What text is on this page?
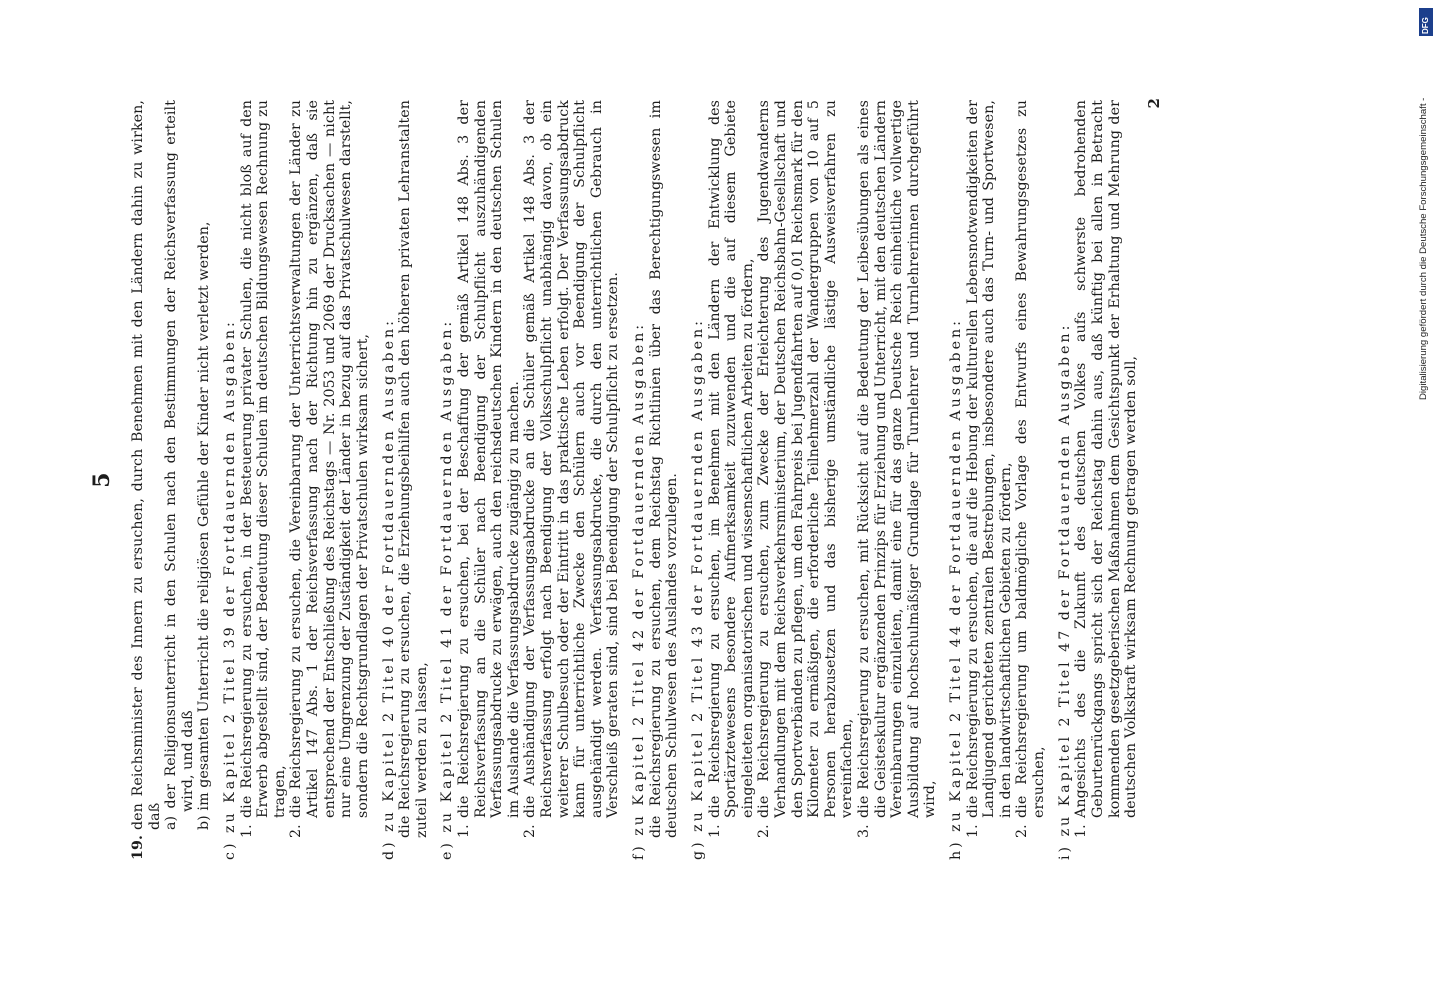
5
19.
den Reichsminister des Innern zu ersuchen, durch Benehmen mit den Ländern dahin zu wirken, daß a) der Religionsunterricht in den Schulen nach den Bestimmungen der Reichsverfassung erteilt wird, und daß b) im gesamten Unterricht die religiösen Gefühle der Kinder nicht verletzt werden, c) zu Kapitel 2 Titel 39 der Fortdauernden Ausgaben: 1.
die Reichsregierung zu ersuchen, in der Besteuerung privater Schulen, die nicht bloß auf den Erwerb abgestellt sind, der Bedeutung dieser Schulen im deutschen Bildungswesen Rechnung zu tragen,
2.
die Reichsregierung zu ersuchen, die Vereinbarung der Unterrichtsverwaltungen der Länder zu Artikel 147 Abs. 1 der Reichsverfassung nach der Richtung hin zu ergänzen, daß sie entsprechend der Entschließung des Reichstags — Nr. 2053 und 2069 der Drucksachen — nicht nur eine Umgrenzung der Zuständigkeit der Länder in bezug auf das Privatschulwesen darstellt, sondern die Rechtsgrundlagen der Privatschulen wirksam sichert, d) zu Kapitel 2 Titel 40 der Fortdauernden Ausgaben: die Reichsregierung zu ersuchen, die Erziehungsbeihilfen auch den höheren privaten Lehranstalten zuteil werden zu lassen, e) zu Kapitel 2 Titel 41 der Fortdauernden Ausgaben: 1.
die Reichsregierung zu ersuchen, bei der Beschaffung der gemäß Artikel 148 Abs. 3 der Reichsverfassung an die Schüler nach Beendigung der Schulpflicht auszuhändigenden Verfassungsabdrucke zu erwägen, auch den reichsdeutschen Kindern in den deutschen Schulen im Auslande die Verfassungsabdrucke zugängig zu machen.
2.
die Aushändigung der Verfassungsabdrucke an die Schüler gemäß Artikel 148 Abs. 3 der Reichsverfassung erfolgt nach Beendigung der Volksschulpflicht unabhängig davon, ob ein weiterer Schulbesuch oder der Eintritt in das praktische Leben erfolgt. Der Verfassungsabdruck kann für unterrichtliche Zwecke den Schülern auch vor Beendigung der Schulpflicht ausgehändigt werden. Verfassungsabdrucke, die durch den unterrichtlichen Gebrauch in Verschleiß geraten sind, sind bei Beendigung der Schulpflicht zu ersetzen. f) zu Kapitel 2 Titel 42 der Fortdauernden Ausgaben: die Reichsregierung zu ersuchen, dem Reichstag Richtlinien über das Berechtigungswesen im deutschen Schulwesen des Auslandes vorzulegen. g) zu Kapitel 2 Titel 43 der Fortdauernden Ausgaben: 1.
die Reichsregierung zu ersuchen, im Benehmen mit den Ländern der Entwicklung des Sportärztewesens besondere Aufmerksamkeit zuzuwenden und die auf diesem Gebiete eingeleiteten organisatorischen und wissenschaftlichen Arbeiten zu fördern,
2.
die Reichsregierung zu ersuchen, zum Zwecke der Erleichterung des Jugendwanderns Verhandlungen mit dem Reichsverkehrsministerium, der Deutschen Reichsbahn-Gesellschaft und den Sportverbänden zu pflegen, um den Fahrpreis bei Jugendfahrten auf 0,01 Reichsmark für den Kilometer zu ermäßigen, die erforderliche Teilnehmerzahl der Wandergruppen von 10 auf 5 Personen herabzusetzen und das bisherige umständliche lästige Ausweisverfahren zu vereinfachen,
3.
die Reichsregierung zu ersuchen, mit Rücksicht auf die Bedeutung der Leibesübungen als eines die Geisteskultur ergänzenden Prinzips für Erziehung und Unterricht, mit den deutschen Ländern Vereinbarungen einzuleiten, damit eine für das ganze Deutsche Reich einheitliche vollwertige Ausbildung auf hochschulmäßiger Grundlage für Turnlehrer und Turnlehrerinnen durchgeführt wird, h) zu Kapitel 2 Titel 44 der Fortdauernden Ausgaben: 1.
die Reichsregierung zu ersuchen, die auf die Hebung der kulturellen Lebensnotwendigkeiten der Landjugend gerichteten zentralen Bestrebungen, insbesondere auch das Turn- und Sportwesen, in den landwirtschaftlichen Gebieten zu fördern,
2.
die Reichsregierung um baldmögliche Vorlage des Entwurfs eines Bewahrungsgesetzes zu ersuchen, i) zu Kapitel 2 Titel 47 der Fortdauernden Ausgaben: 1.
Angesichts des die Zukunft des deutschen Volkes aufs schwerste bedrohenden Geburtenrückgangs spricht sich der Reichstag dahin aus, daß künftig bei allen in Betracht kommenden gesetzgeberischen Maßnahmen dem Gesichtspunkt der Erhaltung und Mehrung der deutschen Volkskraft wirksam Rechnung getragen werden soll,
2
DFG
Digitalisierung gefördert durch die Deutsche Forschungsgemeinschaft -
